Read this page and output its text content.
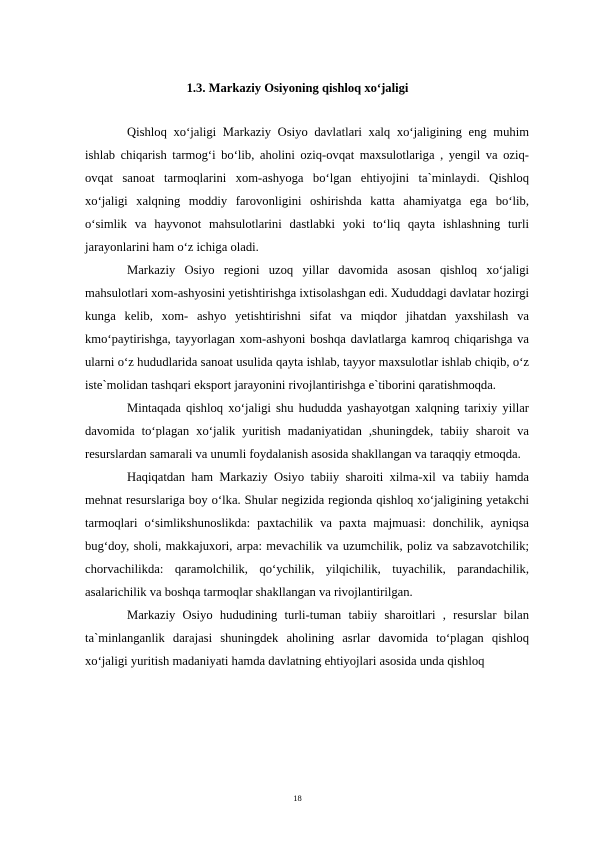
1.3. Markaziy Osiyoning qishloq xo‘jaligi

Qishloq xo‘jaligi Markaziy Osiyo davlatlari xalq xo‘jaligining eng muhim ishlab chiqarish tarmog‘i bo‘lib, aholini oziq-ovqat maxsulotlariga , yengil va oziq-ovqat sanoat tarmoqlarini xom-ashyoga bo‘lgan ehtiyojini ta`minlaydi. Qishloq xo‘jaligi xalqning moddiy farovonligini oshirishda katta ahamiyatga ega bo‘lib, o‘simlik va hayvonot mahsulotlarini dastlabki yoki to‘liq qayta ishlashning turli jarayonlarini ham o‘z ichiga oladi.

Markaziy Osiyo regioni uzoq yillar davomida asosan qishloq xo‘jaligi mahsulotlari xom-ashyosini yetishtirishga ixtisolashgan edi. Xududdagi davlatar hozirgi kunga kelib, xom- ashyo yetishtirishni sifat va miqdor jihatdan yaxshilash va kmo‘paytirishga, tayyorlagan xom-ashyoni boshqa davlatlarga kamroq chiqarishga va ularni o‘z hududlarida sanoat usulida qayta ishlab, tayyor maxsulotlar ishlab chiqib, o‘z iste`molidan tashqari eksport jarayonini rivojlantirishga e`tiborini qaratishmoqda.

Mintaqada qishloq xo‘jaligi shu hududda yashayotgan xalqning tarixiy yillar davomida to‘plagan xo‘jalik yuritish madaniyatidan ,shuningdek, tabiiy sharoit va resurslardan samarali va unumli foydalanish asosida shakllangan va taraqqiy etmoqda.

Haqiqatdan ham Markaziy Osiyo tabiiy sharoiti xilma-xil va tabiiy hamda mehnat resurslariga boy o‘lka. Shular negizida regionda qishloq xo‘jaligining yetakchi tarmoqlari o‘simlikshunoslikda: paxtachilik va paxta majmuasi: donchilik, ayniqsa bug‘doy, sholi, makkajuxori, arpa: mevachilik va uzumchilik, poliz va sabzavotchilik; chorvachilikda: qaramolchilik, qo‘ychilik, yilqichilik, tuyachilik, parandachilik, asalarichilik va boshqa tarmoqlar shakllangan va rivojlantirilgan.

Markaziy Osiyo hududining turli-tuman tabiiy sharoitlari , resurslar bilan ta`minlanganlik darajasi shuningdek aholining asrlar davomida to‘plagan qishloq xo‘jaligi yuritish madaniyati hamda davlatning ehtiyojlari asosida unda qishloq

18
